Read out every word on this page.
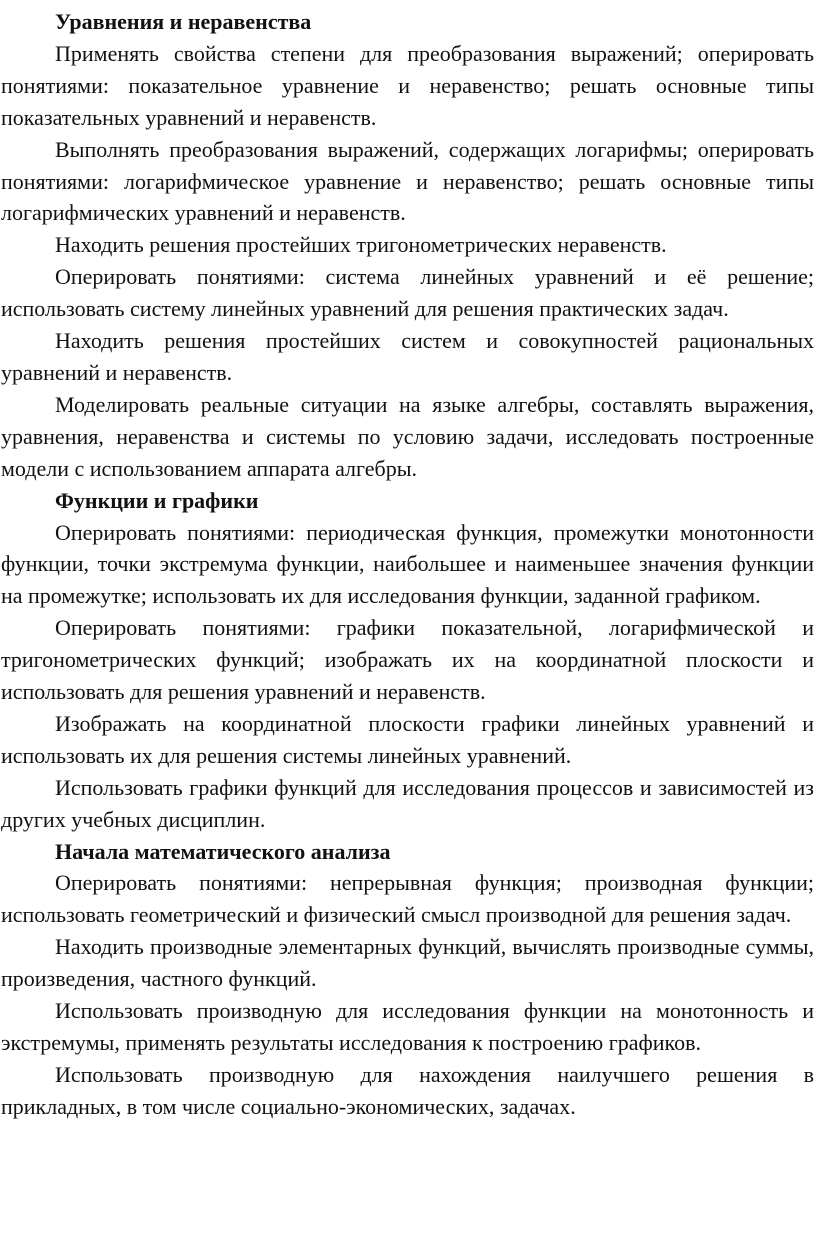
Уравнения и неравенства

Применять свойства степени для преобразования выражений; оперировать понятиями: показательное уравнение и неравенство; решать основные типы показательных уравнений и неравенств.

Выполнять преобразования выражений, содержащих логарифмы; оперировать понятиями: логарифмическое уравнение и неравенство; решать основные типы логарифмических уравнений и неравенств.

Находить решения простейших тригонометрических неравенств.

Оперировать понятиями: система линейных уравнений и её решение; использовать систему линейных уравнений для решения практических задач.

Находить решения простейших систем и совокупностей рациональных уравнений и неравенств.

Моделировать реальные ситуации на языке алгебры, составлять выражения, уравнения, неравенства и системы по условию задачи, исследовать построенные модели с использованием аппарата алгебры.

Функции и графики

Оперировать понятиями: периодическая функция, промежутки монотонности функции, точки экстремума функции, наибольшее и наименьшее значения функции на промежутке; использовать их для исследования функции, заданной графиком.

Оперировать понятиями: графики показательной, логарифмической и тригонометрических функций; изображать их на координатной плоскости и использовать для решения уравнений и неравенств.

Изображать на координатной плоскости графики линейных уравнений и использовать их для решения системы линейных уравнений.

Использовать графики функций для исследования процессов и зависимостей из других учебных дисциплин.

Начала математического анализа

Оперировать понятиями: непрерывная функция; производная функции; использовать геометрический и физический смысл производной для решения задач.

Находить производные элементарных функций, вычислять производные суммы, произведения, частного функций.

Использовать производную для исследования функции на монотонность и экстремумы, применять результаты исследования к построению графиков.

Использовать производную для нахождения наилучшего решения в прикладных, в том числе социально-экономических, задачах.
